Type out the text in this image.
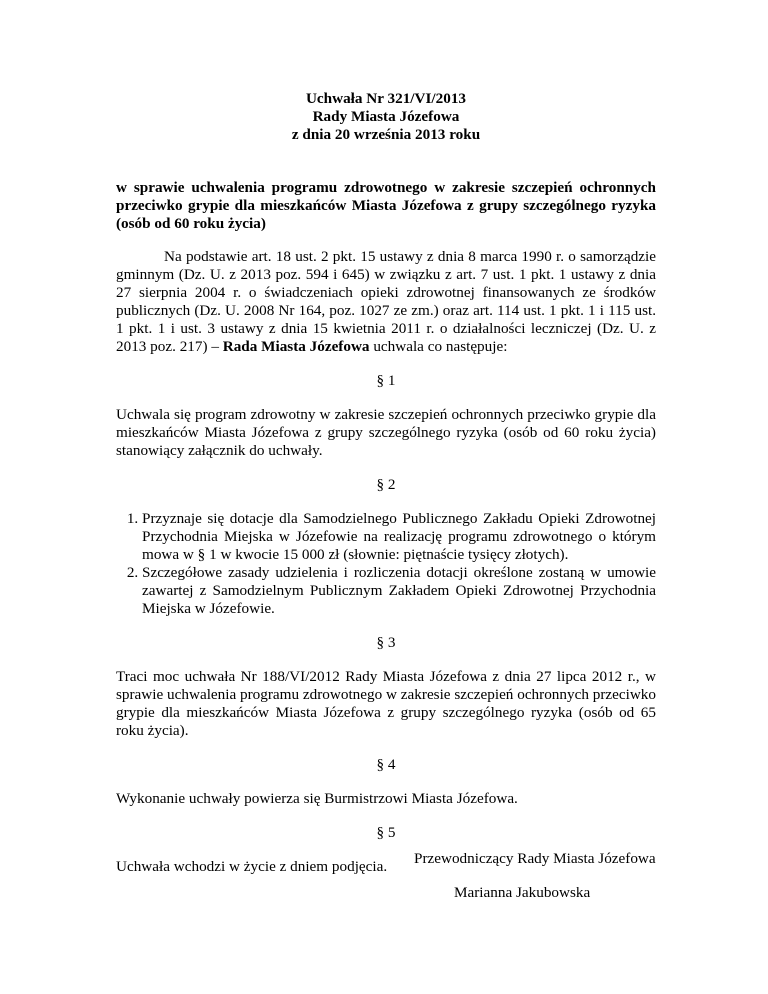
Uchwała Nr 321/VI/2013
Rady Miasta Józefowa
z dnia 20 września 2013 roku
w sprawie uchwalenia programu zdrowotnego w zakresie szczepień ochronnych przeciwko grypie dla mieszkańców Miasta Józefowa z grupy szczególnego ryzyka (osób od 60 roku życia)
Na podstawie art. 18 ust. 2 pkt. 15 ustawy z dnia 8 marca 1990 r. o samorządzie gminnym (Dz. U. z 2013 poz. 594 i 645) w związku z art. 7 ust. 1 pkt. 1 ustawy z dnia 27 sierpnia 2004 r. o świadczeniach opieki zdrowotnej finansowanych ze środków publicznych (Dz. U. 2008 Nr 164, poz. 1027 ze zm.) oraz art. 114 ust. 1 pkt. 1 i 115 ust. 1 pkt. 1 i ust. 3 ustawy z dnia 15 kwietnia 2011 r. o działalności leczniczej (Dz. U. z 2013 poz. 217) – Rada Miasta Józefowa uchwala co następuje:
§ 1
Uchwala się program zdrowotny w zakresie szczepień ochronnych przeciwko grypie dla mieszkańców Miasta Józefowa z grupy szczególnego ryzyka (osób od 60 roku życia) stanowiący załącznik do uchwały.
§ 2
1. Przyznaje się dotacje dla Samodzielnego Publicznego Zakładu Opieki Zdrowotnej Przychodnia Miejska w Józefowie na realizację programu zdrowotnego o którym mowa w § 1 w kwocie 15 000 zł (słownie: piętnaście tysięcy złotych).
2. Szczegółowe zasady udzielenia i rozliczenia dotacji określone zostaną w umowie zawartej z Samodzielnym Publicznym Zakładem Opieki Zdrowotnej Przychodnia Miejska w Józefowie.
§ 3
Traci moc uchwała Nr 188/VI/2012 Rady Miasta Józefowa z dnia 27 lipca 2012 r., w sprawie uchwalenia programu zdrowotnego w zakresie szczepień ochronnych przeciwko grypie dla mieszkańców Miasta Józefowa z grupy szczególnego ryzyka (osób od 65 roku życia).
§ 4
Wykonanie uchwały powierza się Burmistrzowi Miasta Józefowa.
§ 5
Uchwała wchodzi w życie z dniem podjęcia.	Przewodniczący Rady Miasta Józefowa
Marianna Jakubowska
